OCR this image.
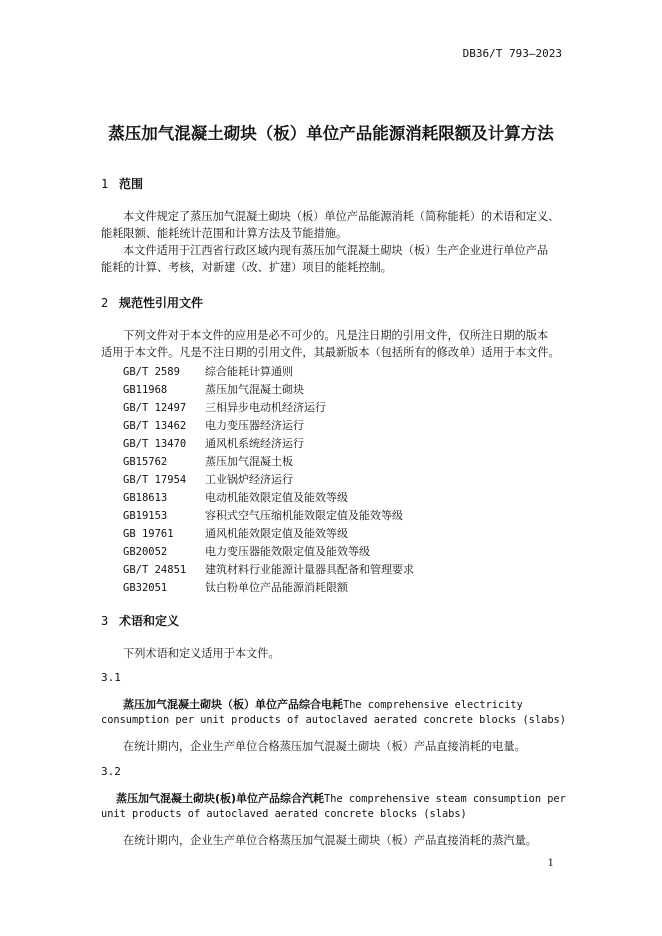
DB36/T 793—2023
蒸压加气混凝土砌块（板）单位产品能源消耗限额及计算方法
1 范围
本文件规定了蒸压加气混凝土砌块（板）单位产品能源消耗（简称能耗）的术语和定义、
能耗限额、能耗统计范围和计算方法及节能措施。
本文件适用于江西省行政区域内现有蒸压加气混凝土砌块（板）生产企业进行单位产品
能耗的计算、考核，对新建（改、扩建）项目的能耗控制。
2 规范性引用文件
下列文件对于本文件的应用是必不可少的。凡是注日期的引用文件，仅所注日期的版本
适用于本文件。凡是不注日期的引用文件，其最新版本（包括所有的修改单）适用于本文件。
GB/T 2589 综合能耗计算通则
GB11968	蒸压加气混凝土砌块
GB/T 12497 三相异步电动机经济运行
GB/T 13462 电力变压器经济运行
GB/T 13470 通风机系统经济运行
GB15762	蒸压加气混凝土板
GB/T 17954 工业锅炉经济运行
GB18613	电动机能效限定值及能效等级
GB19153	容积式空气压缩机能效限定值及能效等级
GB 19761	通风机能效限定值及能效等级
GB20052	电力变压器能效限定值及能效等级
GB/T 24851 建筑材料行业能源计量器具配备和管理要求
GB32051	钛白粉单位产品能源消耗限额
3 术语和定义
下列术语和定义适用于本文件。
3.1
蒸压加气混凝土砌块（板）单位产品综合电耗The comprehensive electricity
consumption per unit products of autoclaved aerated concrete blocks (slabs)
在统计期内，企业生产单位合格蒸压加气混凝土砌块（板）产品直接消耗的电量。
3.2
蒸压加气混凝土砌块(板)单位产品综合汽耗The comprehensive steam consumption per
unit products of autoclaved aerated concrete blocks (slabs)
在统计期内，企业生产单位合格蒸压加气混凝土砌块（板）产品直接消耗的蒸汽量。
1
